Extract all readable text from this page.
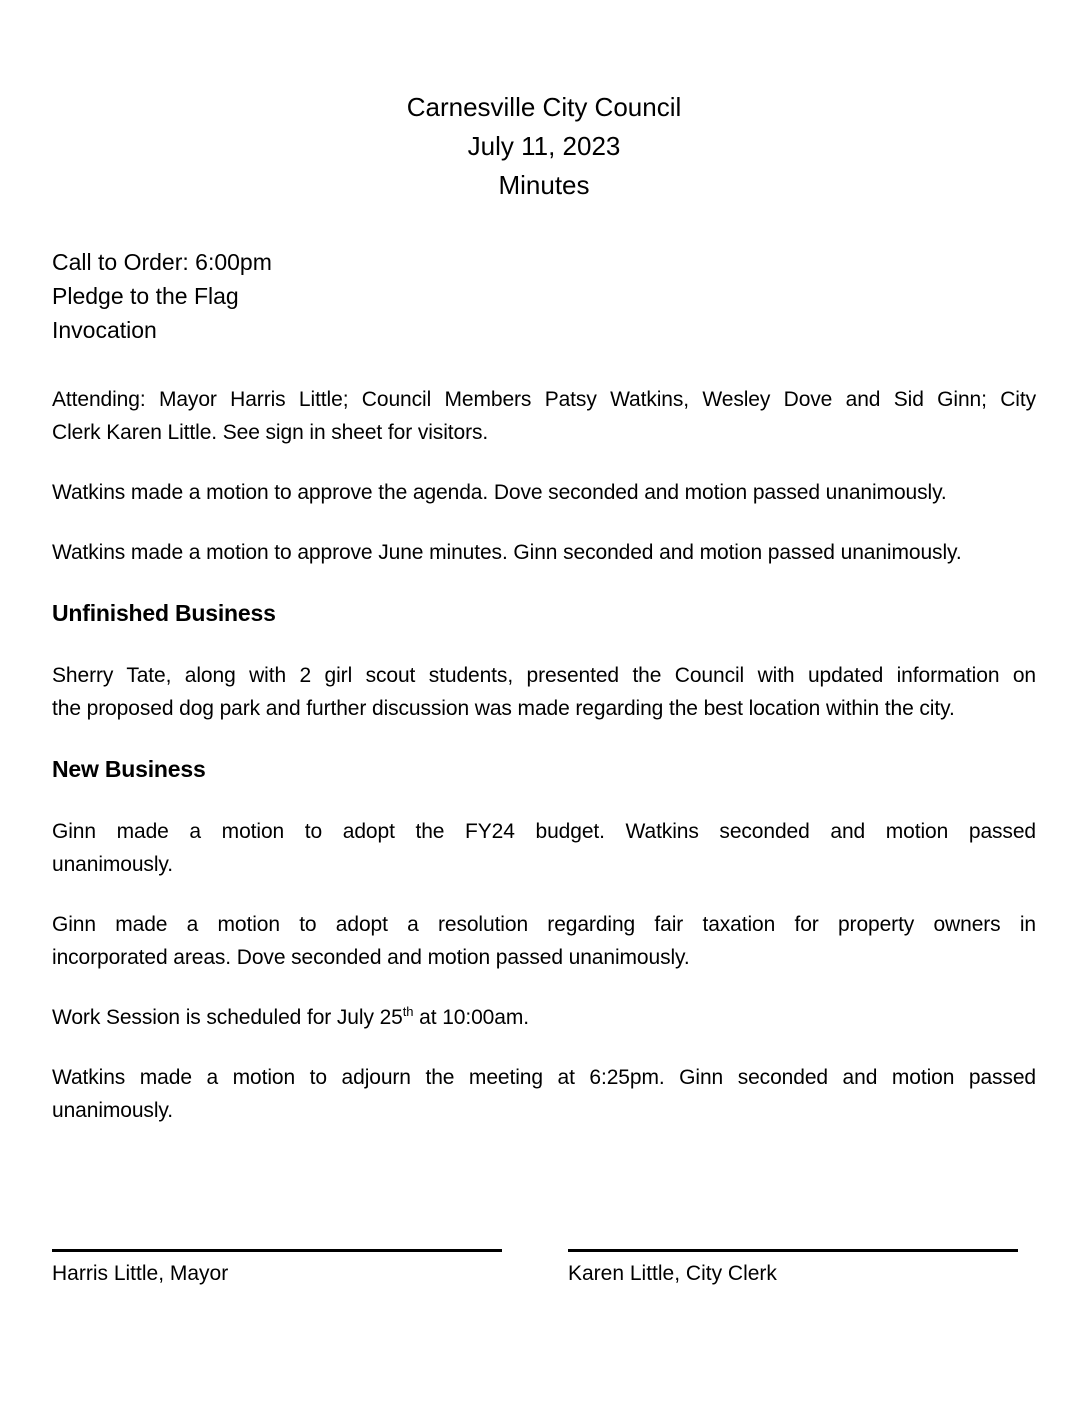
Carnesville City Council
July 11, 2023
Minutes
Call to Order: 6:00pm
Pledge to the Flag
Invocation

Attending: Mayor Harris Little; Council Members Patsy Watkins, Wesley Dove and Sid Ginn; City
Clerk Karen Little. See sign in sheet for visitors.

Watkins made a motion to approve the agenda. Dove seconded and motion passed unanimously.

Watkins made a motion to approve June minutes. Ginn seconded and motion passed unanimously.

Unfinished Business

Sherry Tate, along with 2 girl scout students, presented the Council with updated information on
the proposed dog park and further discussion was made regarding the best location within the city.

New Business

Ginn made a motion to adopt the FY24 budget. Watkins seconded and motion passed
unanimously.

Ginn made a motion to adopt a resolution regarding fair taxation for property owners in
incorporated areas. Dove seconded and motion passed unanimously.

Work Session is scheduled for July 25th at 10:00am.

Watkins made a motion to adjourn the meeting at 6:25pm. Ginn seconded and motion passed
unanimously.

Harris Little, Mayor	Karen Little, City Clerk
